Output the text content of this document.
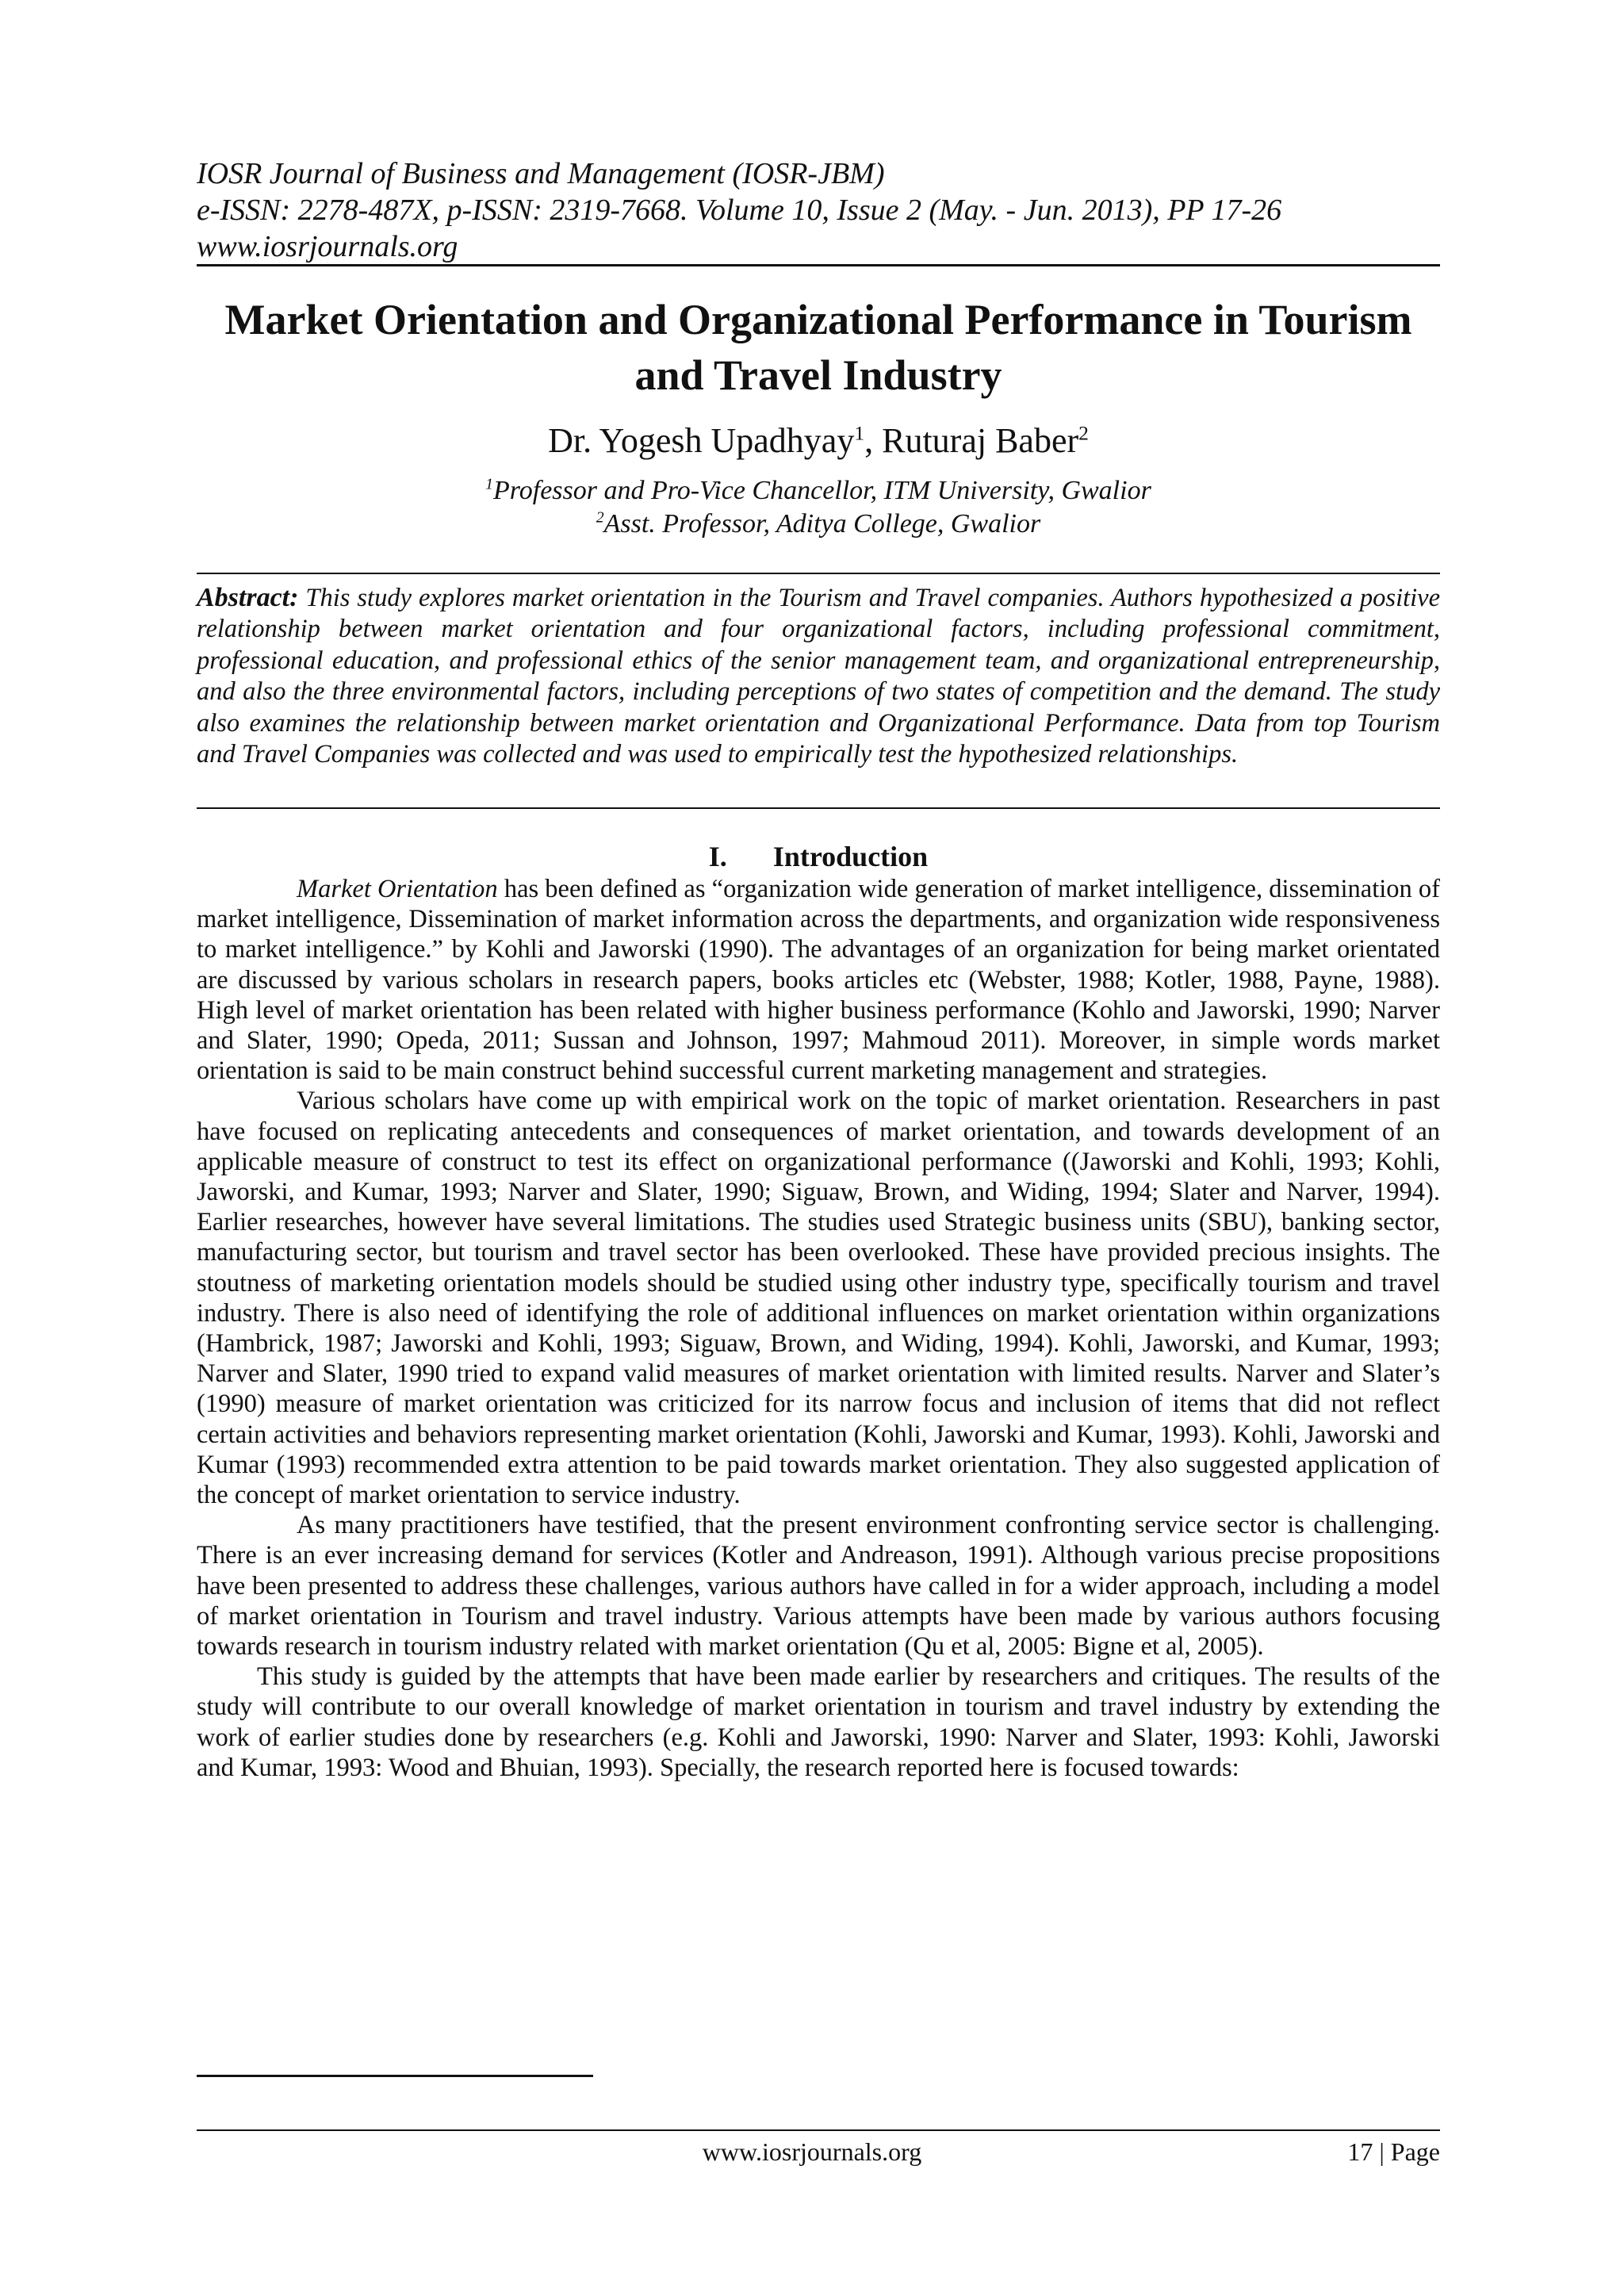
IOSR Journal of Business and Management (IOSR-JBM)
e-ISSN: 2278-487X, p-ISSN: 2319-7668. Volume 10, Issue 2 (May. - Jun. 2013), PP 17-26
www.iosrjournals.org
Market Orientation and Organizational Performance in Tourism and Travel Industry
Dr. Yogesh Upadhyay$^1$, Ruturaj Baber$^2$
$^1$Professor and Pro-Vice Chancellor, ITM University, Gwalior
$^2$Asst. Professor, Aditya College, Gwalior
Abstract: This study explores market orientation in the Tourism and Travel companies. Authors hypothesized a positive relationship between market orientation and four organizational factors, including professional commitment, professional education, and professional ethics of the senior management team, and organizational entrepreneurship, and also the three environmental factors, including perceptions of two states of competition and the demand. The study also examines the relationship between market orientation and Organizational Performance. Data from top Tourism and Travel Companies was collected and was used to empirically test the hypothesized relationships.
I. Introduction

Market Orientation has been defined as “organization wide generation of market intelligence, dissemination of market intelligence, Dissemination of market information across the departments, and organization wide responsiveness to market intelligence.” by Kohli and Jaworski (1990). The advantages of an organization for being market orientated are discussed by various scholars in research papers, books articles etc (Webster, 1988; Kotler, 1988, Payne, 1988). High level of market orientation has been related with higher business performance (Kohlo and Jaworski, 1990; Narver and Slater, 1990; Opeda, 2011; Sussan and Johnson, 1997; Mahmoud 2011). Moreover, in simple words market orientation is said to be main construct behind successful current marketing management and strategies.

Various scholars have come up with empirical work on the topic of market orientation. Researchers in past have focused on replicating antecedents and consequences of market orientation, and towards development of an applicable measure of construct to test its effect on organizational performance ((Jaworski and Kohli, 1993; Kohli, Jaworski, and Kumar, 1993; Narver and Slater, 1990; Siguaw, Brown, and Widing, 1994; Slater and Narver, 1994). Earlier researches, however have several limitations. The studies used Strategic business units (SBU), banking sector, manufacturing sector, but tourism and travel sector has been overlooked. These have provided precious insights. The stoutness of marketing orientation models should be studied using other industry type, specifically tourism and travel industry. There is also need of identifying the role of additional influences on market orientation within organizations (Hambrick, 1987; Jaworski and Kohli, 1993; Siguaw, Brown, and Widing, 1994). Kohli, Jaworski, and Kumar, 1993; Narver and Slater, 1990 tried to expand valid measures of market orientation with limited results. Narver and Slater’s (1990) measure of market orientation was criticized for its narrow focus and inclusion of items that did not reflect certain activities and behaviors representing market orientation (Kohli, Jaworski and Kumar, 1993). Kohli, Jaworski and Kumar (1993) recommended extra attention to be paid towards market orientation. They also suggested application of the concept of market orientation to service industry.

As many practitioners have testified, that the present environment confronting service sector is challenging. There is an ever increasing demand for services (Kotler and Andreason, 1991). Although various precise propositions have been presented to address these challenges, various authors have called in for a wider approach, including a model of market orientation in Tourism and travel industry. Various attempts have been made by various authors focusing towards research in tourism industry related with market orientation (Qu et al, 2005: Bigne et al, 2005).

This study is guided by the attempts that have been made earlier by researchers and critiques. The results of the study will contribute to our overall knowledge of market orientation in tourism and travel industry by extending the work of earlier studies done by researchers (e.g. Kohli and Jaworski, 1990: Narver and Slater, 1993: Kohli, Jaworski and Kumar, 1993: Wood and Bhuian, 1993). Specially, the research reported here is focused towards:

www.iosrjournals.org	17 | Page
